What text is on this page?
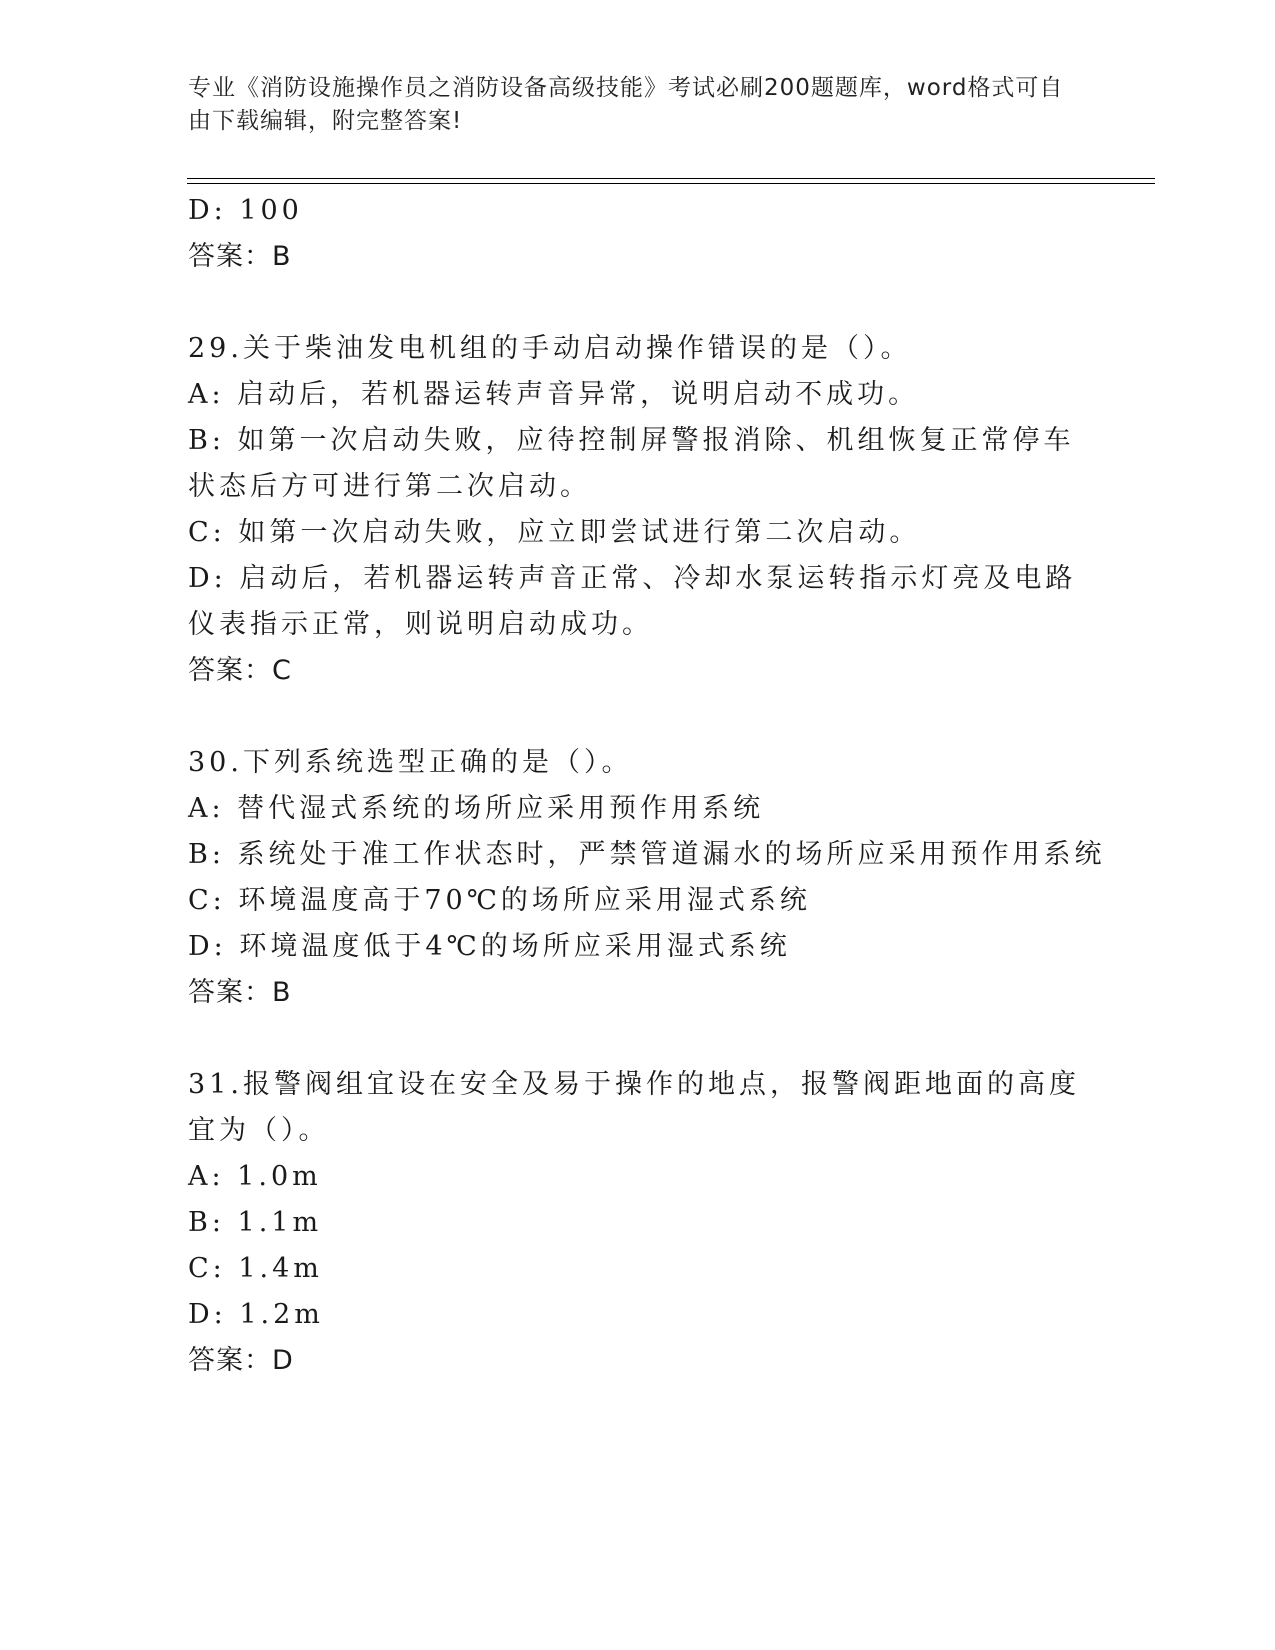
专业《消防设施操作员之消防设备高级技能》考试必刷200题题库，word格式可自由下载编辑，附完整答案!
D: 100
答案：B
29.关于柴油发电机组的手动启动操作错误的是（）。
A: 启动后，若机器运转声音异常，说明启动不成功。
B: 如第一次启动失败，应待控制屏警报消除、机组恢复正常停车状态后方可进行第二次启动。
C: 如第一次启动失败，应立即尝试进行第二次启动。
D: 启动后，若机器运转声音正常、冷却水泵运转指示灯亮及电路仪表指示正常，则说明启动成功。
答案：C
30.下列系统选型正确的是（）。
A: 替代湿式系统的场所应采用预作用系统
B: 系统处于准工作状态时，严禁管道漏水的场所应采用预作用系统
C: 环境温度高于70℃的场所应采用湿式系统
D: 环境温度低于4℃的场所应采用湿式系统
答案：B
31.报警阀组宜设在安全及易于操作的地点，报警阀距地面的高度宜为（）。
A: 1.0m
B: 1.1m
C: 1.4m
D: 1.2m
答案：D
